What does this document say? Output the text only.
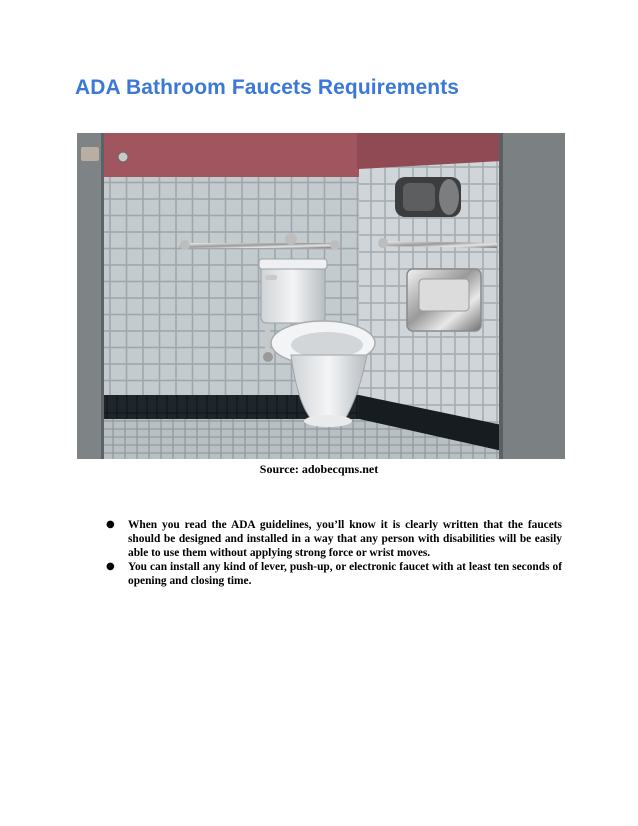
ADA Bathroom Faucets Requirements
Source: adobecqms.net
● When you read the ADA guidelines, you’ll know it is clearly written that the faucets should be designed and installed in a way that any person with disabilities will be easily able to use them without applying strong force or wrist moves.
● You can install any kind of lever, push-up, or electronic faucet with at least ten seconds of opening and closing time.
